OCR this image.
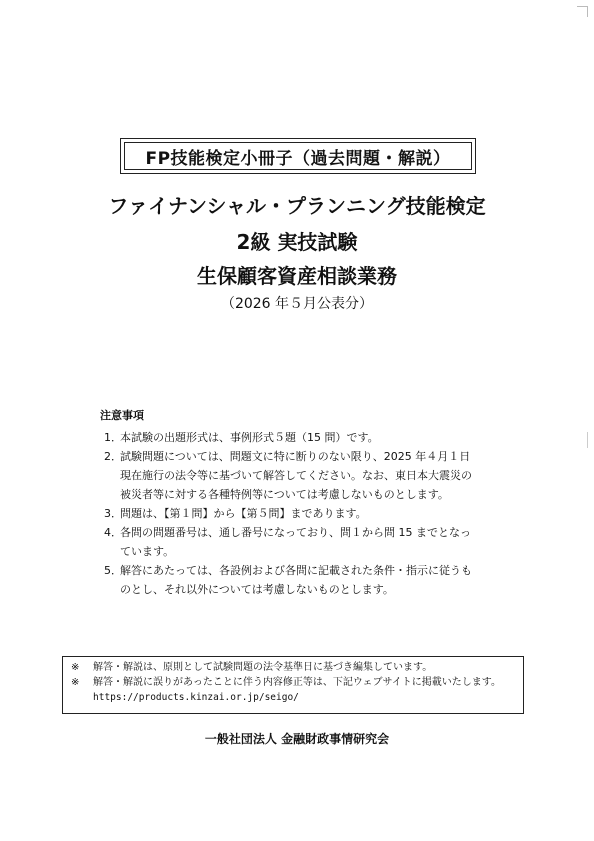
FP技能検定小冊子（過去問題・解説）
ファイナンシャル・プランニング技能検定
2級 実技試験
生保顧客資産相談業務
（2026 年５月公表分）
注意事項
1．
本試験の出題形式は、事例形式５題（15 問）です。
2．
試験問題については、問題文に特に断りのない限り、2025 年４月１日
現在施行の法令等に基づいて解答してください。なお、東日本大震災の
被災者等に対する各種特例等については考慮しないものとします。
3．
問題は、【第１問】から【第５問】まであります。
4．
各問の問題番号は、通し番号になっており、問１から問 15 までとなっ
ています。
5．
解答にあたっては、各設例および各問に記載された条件・指示に従うも
のとし、それ以外については考慮しないものとします。
※ 解答・解説は、原則として試験問題の法令基準日に基づき編集しています。
※ 解答・解説に誤りがあったことに伴う内容修正等は、下記ウェブサイトに掲載いたします。
https://products.kinzai.or.jp/seigo/
一般社団法人 金融財政事情研究会
